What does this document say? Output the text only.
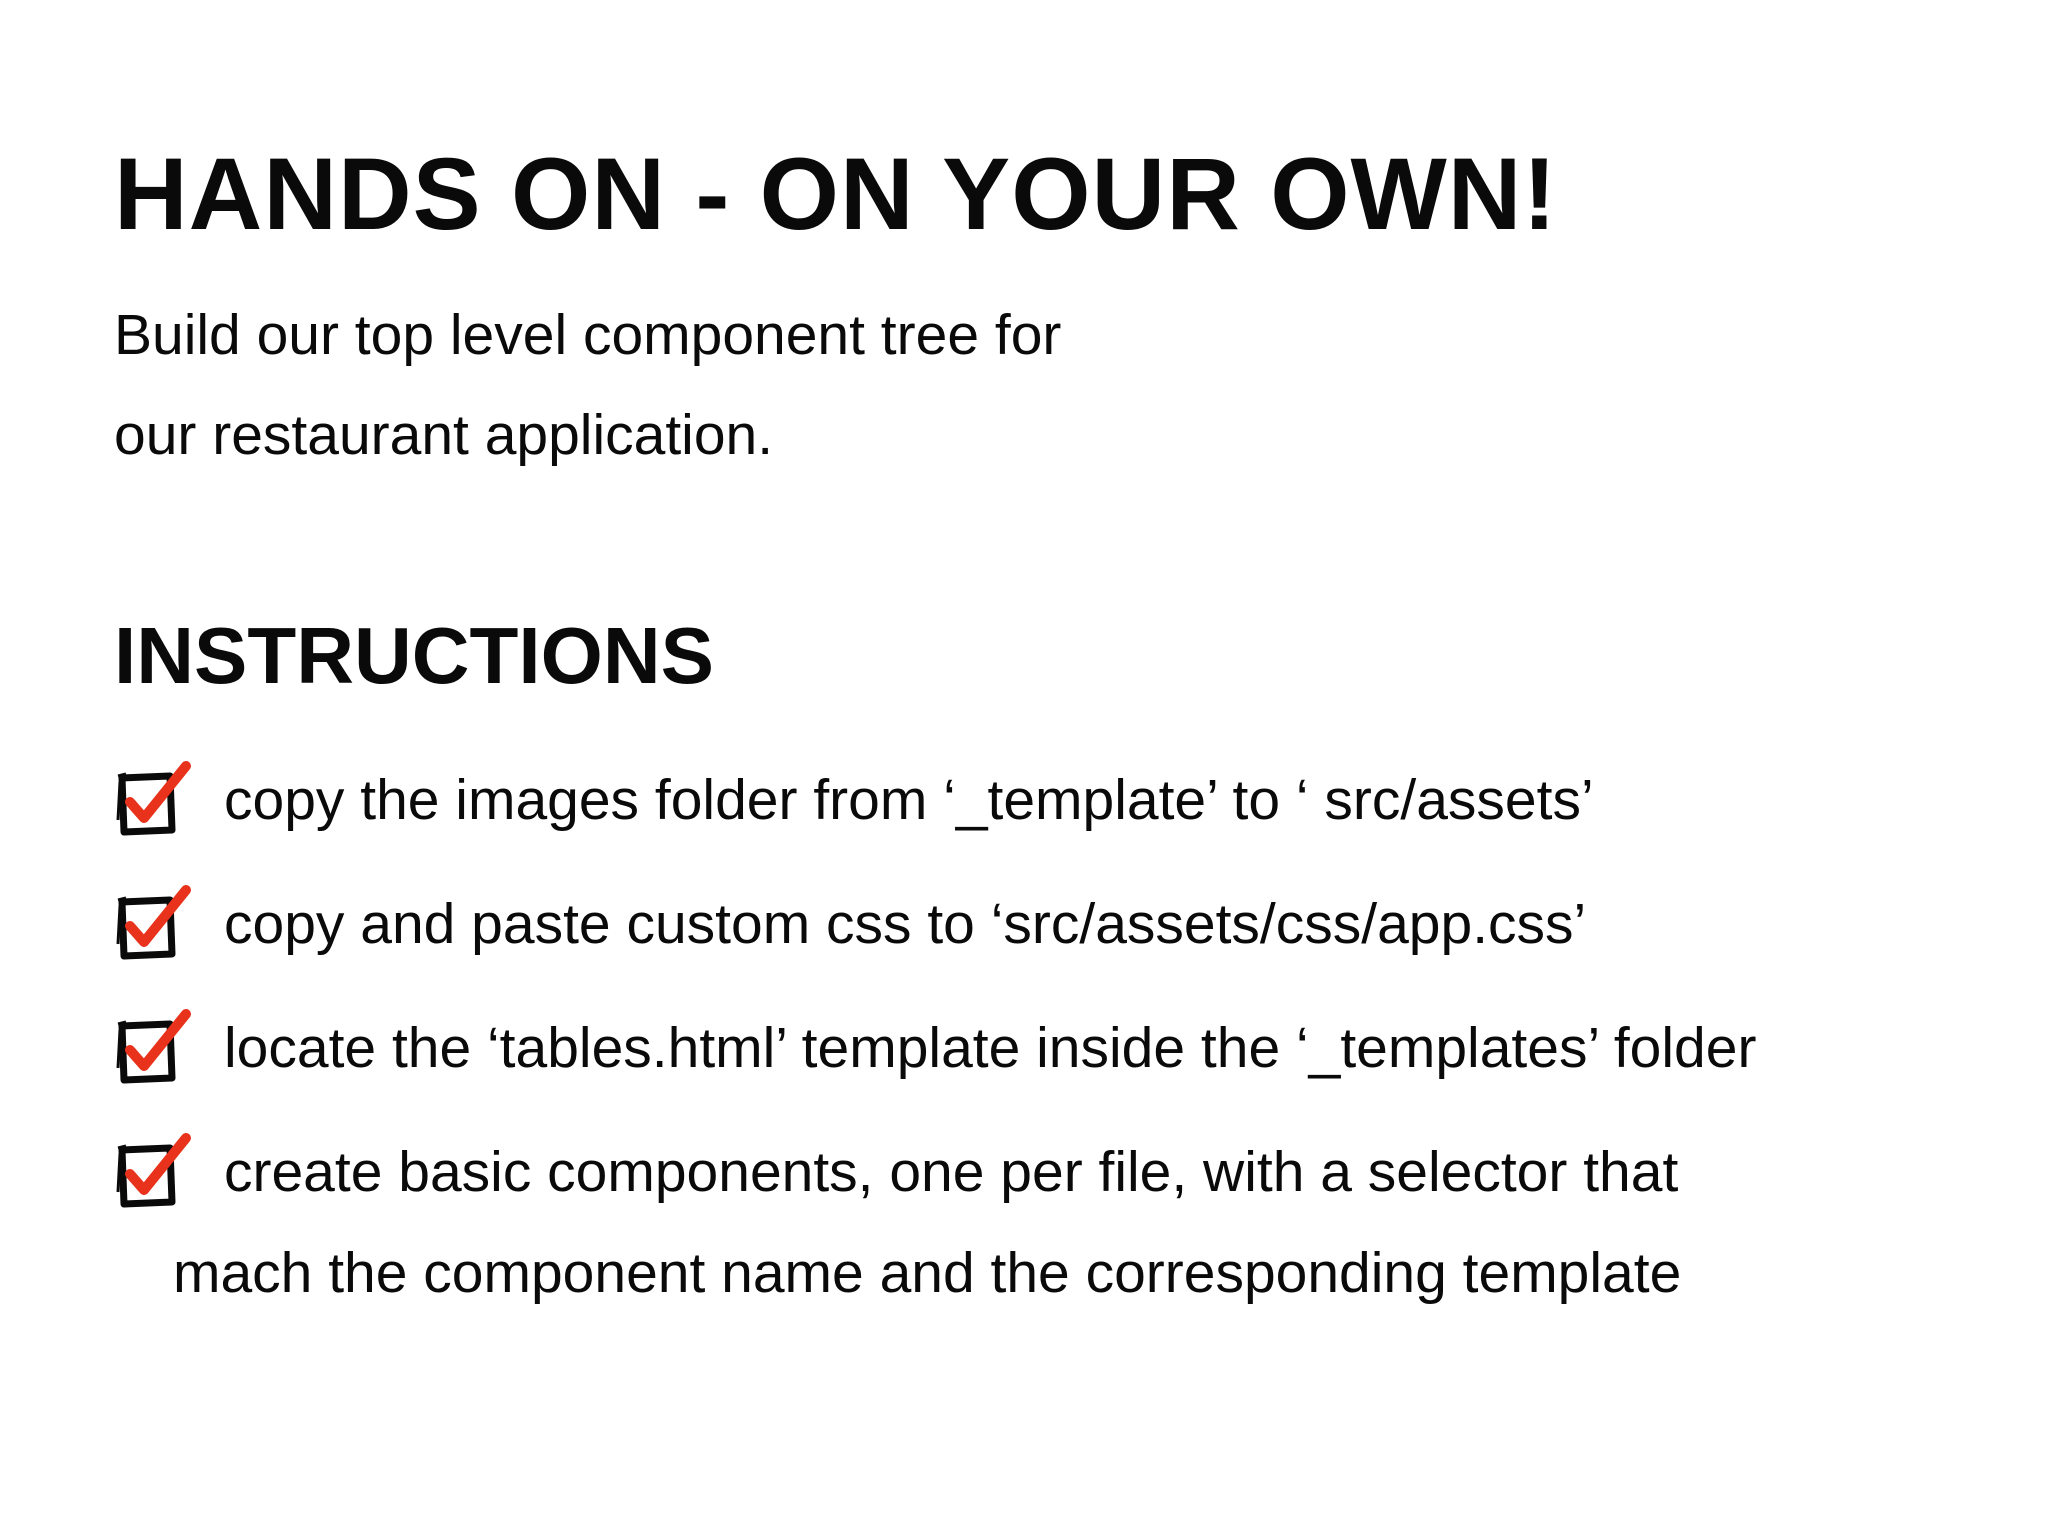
HANDS ON - ON YOUR OWN!

Build our top level component tree for
our restaurant application.

INSTRUCTIONS
copy the images folder from ‘_template’ to ‘ src/assets’
copy and paste custom css to ‘src/assets/css/app.css’
locate the ‘tables.html’ template inside the ‘_templates’ folder
create basic components, one per file, with a selector that

mach the component name and the corresponding template
